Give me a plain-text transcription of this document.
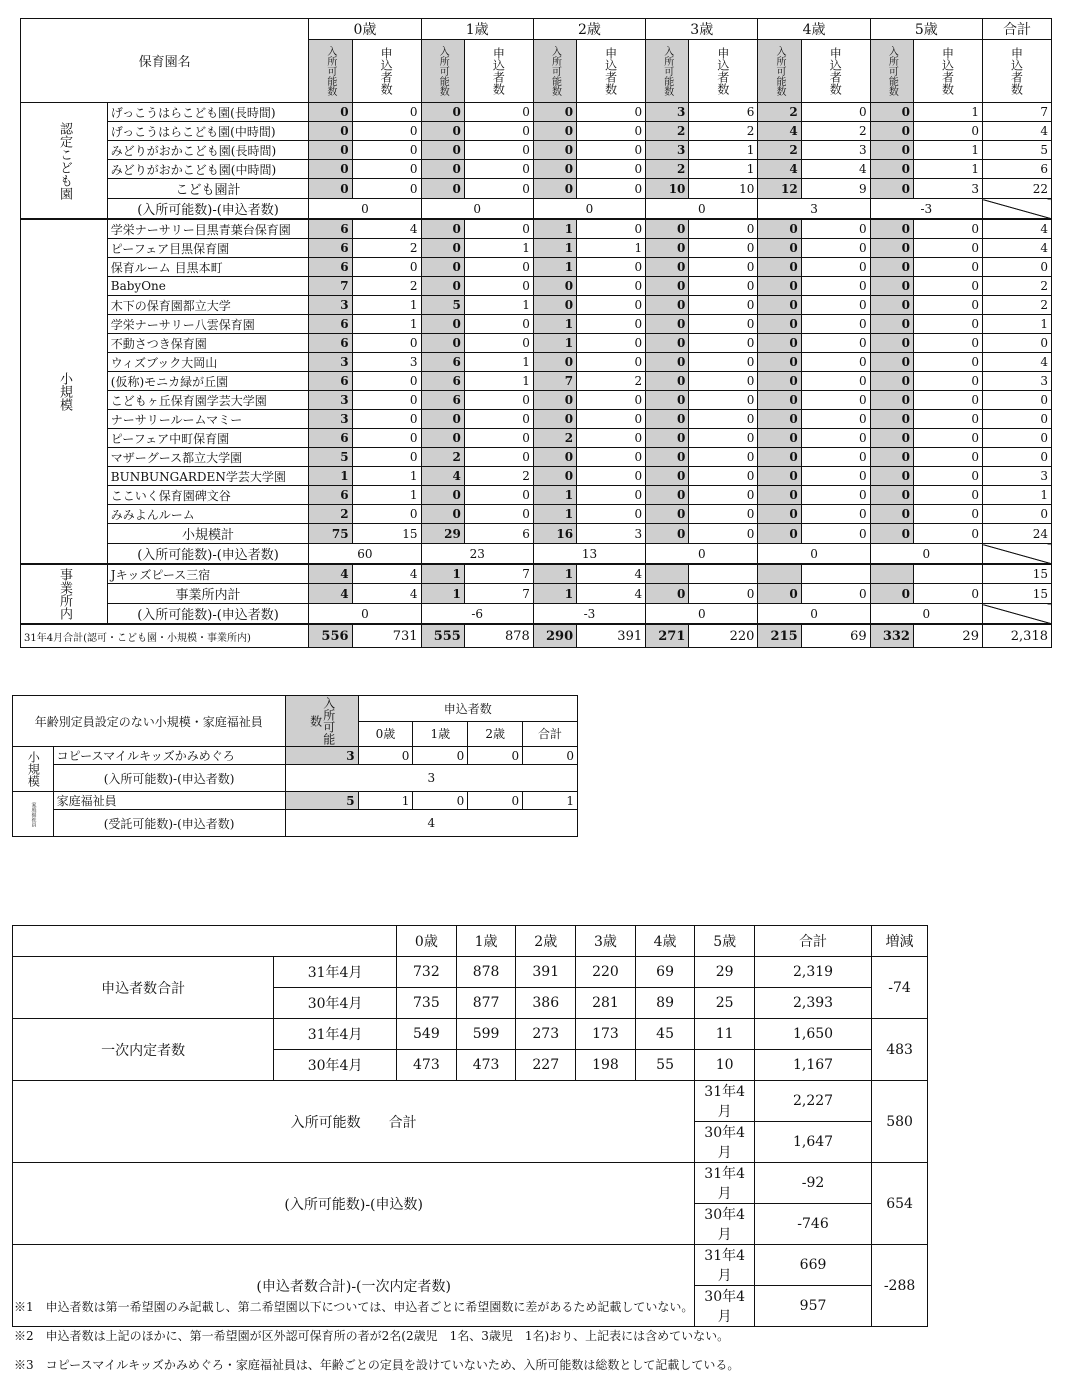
保育園名		0歳		1歳		2歳		3歳		4歳		5歳		合計

		入所可能数	申込者数	入所可能数	申込者数	入所可能数	申込者数	入所可能数	申込者数	入所可能数	申込者数	入所可能数	申込者数	申込者数

認定こども園	げっこうはらこども園(長時間)	0	0	0	0	0	0	3	6	2	0	0	1	7
	げっこうはらこども園(中時間)	0	0	0	0	0	0	2	2	4	2	0	0	4
	みどりがおかこども園(長時間)	0	0	0	0	0	0	3	1	2	3	0	1	5
	みどりがおかこども園(中時間)	0	0	0	0	0	0	2	1	4	4	0	1	6
	こども園計	0	0	0	0	0	0	10	10	12	9	0	3	22
	(入所可能数)-(申込者数)	0		0		0		0		3		-3		

小規模	学栄ナーサリー目黒青葉台保育園	6	4	0	0	1	0	0	0	0	0	0	0	4
	ピーフェア目黒保育園	6	2	0	1	1	1	0	0	0	0	0	0	4
	保育ルーム 目黒本町	6	0	0	0	1	0	0	0	0	0	0	0	0
	BabyOne	7	2	0	0	0	0	0	0	0	0	0	0	2
	木下の保育園都立大学	3	1	5	1	0	0	0	0	0	0	0	0	2
	学栄ナーサリー八雲保育園	6	1	0	0	1	0	0	0	0	0	0	0	1
	不動さつき保育園	6	0	0	0	1	0	0	0	0	0	0	0	0
	ウィズブック大岡山	3	3	6	1	0	0	0	0	0	0	0	0	4
	(仮称)モニカ緑が丘園	6	0	6	1	7	2	0	0	0	0	0	0	3
	こどもヶ丘保育園学芸大学園	3	0	6	0	0	0	0	0	0	0	0	0	0
	ナーサリールームマミー	3	0	0	0	0	0	0	0	0	0	0	0	0
	ピーフェア中町保育園	6	0	0	0	2	0	0	0	0	0	0	0	0
	マザーグース都立大学園	5	0	2	0	0	0	0	0	0	0	0	0	0
	BUNBUNGARDEN学芸大学園	1	1	4	2	0	0	0	0	0	0	0	0	3
	ここいく保育園碑文谷	6	1	0	0	1	0	0	0	0	0	0	0	1
	みみよんルーム	2	0	0	0	1	0	0	0	0	0	0	0	0
	小規模計	75	15	29	6	16	3	0	0	0	0	0	0	24
	(入所可能数)-(申込者数)	60		23		13		0		0		0		

事業所内	Jキッズピース三宿	4	4	1	7	1	4							15
	事業所内計	4	4	1	7	1	4	0	0	0	0	0	0	15
	(入所可能数)-(申込者数)	0		-6		-3		0		0		0		
31年4月合計(認可・こども園・小規模・事業所内)		556	731	555	878	290	391	271	220	215	69	332	29	2,318
年齢別定員設定のない小規模・家庭福祉員		入所可能数	申込者数			
			0歳	1歳	2歳	合計

小規模	コピースマイルキッズかみめぐろ	3	0	0	0	0
	(入所可能数)-(申込者数)	3				

家庭福祉員	家庭福祉員	5	1	0	0	1
	(受託可能数)-(申込者数)	4				
		0歳	1歳	2歳	3歳	4歳	5歳	合計	増減
申込者数合計	31年4月	732	878	391	220	69	29	2,319	-74
	30年4月	735	877	386	281	89	25	2,393	
一次内定者数	31年4月	549	599	273	173	45	11	1,650	483
	30年4月	473	473	227	198	55	10	1,167	
入所可能数　　合計							31年4月	2,227	580
							30年4月	1,647	
(入所可能数)-(申込数)							31年4月	-92	654
							30年4月	-746	
(申込者数合計)-(一次内定者数)							31年4月	669	-288
							30年4月	957	
※1　申込者数は第一希望園のみ記載し、第二希望園以下については、申込者ごとに希望園数に差があるため記載していない。
※2　申込者数は上記のほかに、第一希望園が区外認可保育所の者が2名(2歳児　1名、3歳児　1名)おり、上記表には含めていない。
※3　コピースマイルキッズかみめぐろ・家庭福祉員は、年齢ごとの定員を設けていないため、入所可能数は総数として記載している。
